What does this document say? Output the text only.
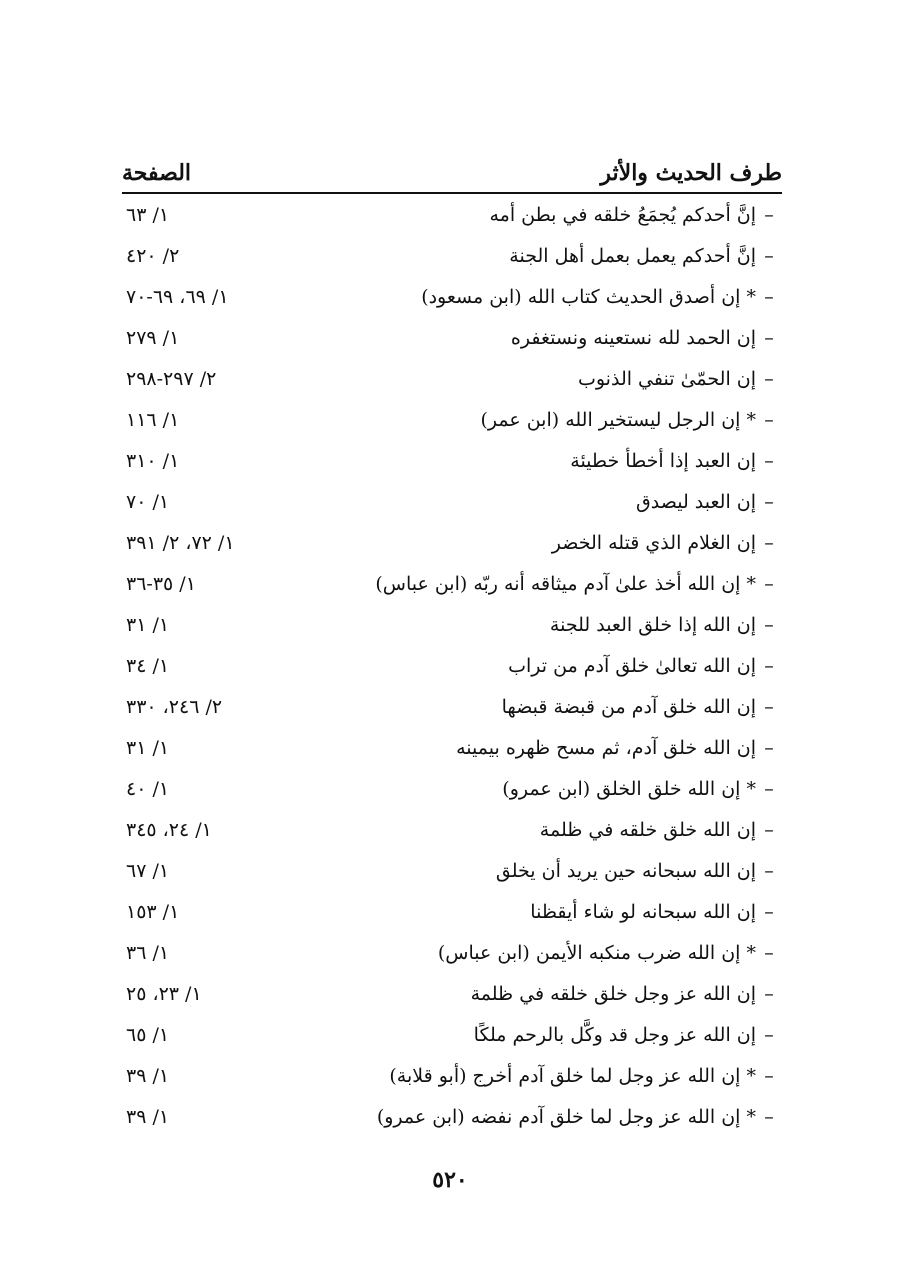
طرف الحديث والأثر
الصفحة
–
إنَّ أحدكم يُجمَعُ خلقه في بطن أمه
١/ ٦٣
–
إنَّ أحدكم يعمل بعمل أهل الجنة
٢/ ٤٢٠
–
* إن أصدق الحديث كتاب الله (ابن مسعود)
١/ ٦٩، ٦٩-٧٠
–
إن الحمد لله نستعينه ونستغفره
١/ ٢٧٩
–
إن الحمّىٰ تنفي الذنوب
٢/ ٢٩٧-٢٩٨
–
* إن الرجل ليستخير الله (ابن عمر)
١/ ١١٦
–
إن العبد إذا أخطأ خطيئة
١/ ٣١٠
–
إن العبد ليصدق
١/ ٧٠
–
إن الغلام الذي قتله الخضر
١/ ٧٢، ٢/ ٣٩١
–
* إن الله أخذ علىٰ آدم ميثاقه أنه ربّه (ابن عباس)
١/ ٣٥-٣٦
–
إن الله إذا خلق العبد للجنة
١/ ٣١
–
إن الله تعالىٰ خلق آدم من تراب
١/ ٣٤
–
إن الله خلق آدم من قبضة قبضها
٢/ ٢٤٦، ٣٣٠
–
إن الله خلق آدم، ثم مسح ظهره بيمينه
١/ ٣١
–
* إن الله خلق الخلق (ابن عمرو)
١/ ٤٠
–
إن الله خلق خلقه في ظلمة
١/ ٢٤، ٣٤٥
–
إن الله سبحانه حين يريد أن يخلق
١/ ٦٧
–
إن الله سبحانه لو شاء أيقظنا
١/ ١٥٣
–
* إن الله ضرب منكبه الأيمن (ابن عباس)
١/ ٣٦
–
إن الله عز وجل خلق خلقه في ظلمة
١/ ٢٣، ٢٥
–
إن الله عز وجل قد وكَّل بالرحم ملكًا
١/ ٦٥
–
* إن الله عز وجل لما خلق آدم أخرج (أبو قلابة)
١/ ٣٩
–
* إن الله عز وجل لما خلق آدم نفضه (ابن عمرو)
١/ ٣٩
٥٢٠
